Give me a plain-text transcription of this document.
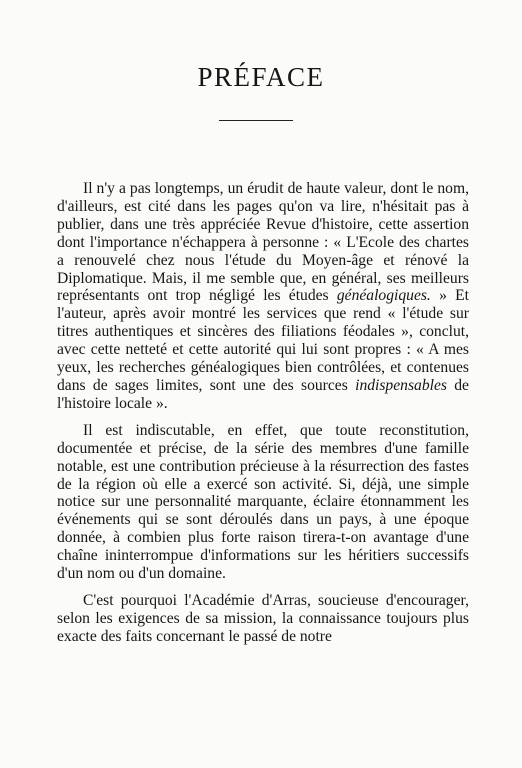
PRÉFACE

Il n'y a pas longtemps, un érudit de haute valeur, dont le nom, d'ailleurs, est cité dans les pages qu'on va lire, n'hésitait pas à publier, dans une très appréciée Revue d'histoire, cette assertion dont l'importance n'échappera à personne : « L'Ecole des chartes a renouvelé chez nous l'étude du Moyen-âge et rénové la Diplomatique. Mais, il me semble que, en général, ses meilleurs représentants ont trop négligé les études généalogiques. » Et l'auteur, après avoir montré les services que rend « l'étude sur titres authentiques et sincères des filiations féodales », conclut, avec cette netteté et cette autorité qui lui sont propres : « A mes yeux, les recherches généalogiques bien contrôlées, et contenues dans de sages limites, sont une des sources indispensables de l'histoire locale ».

Il est indiscutable, en effet, que toute reconstitution, documentée et précise, de la série des membres d'une famille notable, est une contribution précieuse à la résurrection des fastes de la région où elle a exercé son activité. Si, déjà, une simple notice sur une personnalité marquante, éclaire étonnamment les événements qui se sont déroulés dans un pays, à une époque donnée, à combien plus forte raison tirera-t-on avantage d'une chaîne ininterrompue d'informations sur les héritiers successifs d'un nom ou d'un domaine.

C'est pourquoi l'Académie d'Arras, soucieuse d'encourager, selon les exigences de sa mission, la connaissance toujours plus exacte des faits concernant le passé de notre
